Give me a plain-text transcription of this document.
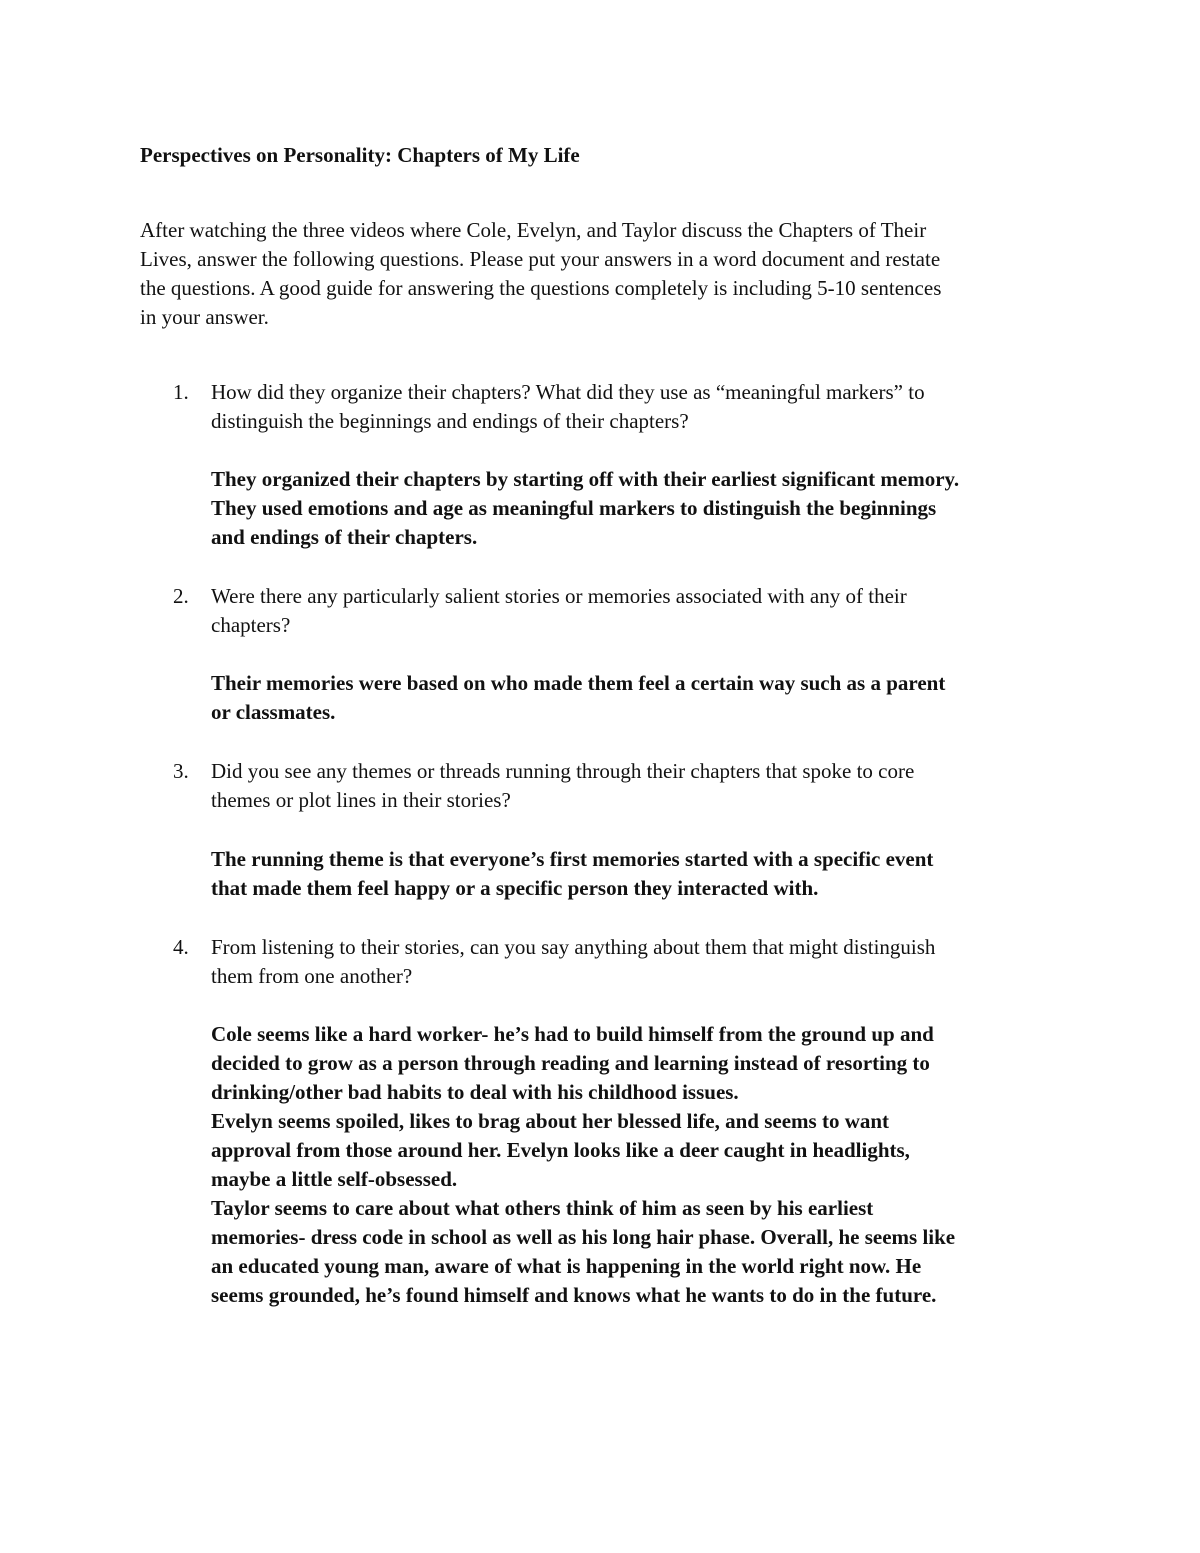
Perspectives on Personality: Chapters of My Life
After watching the three videos where Cole, Evelyn, and Taylor discuss the Chapters of Their
Lives, answer the following questions. Please put your answers in a word document and restate
the questions. A good guide for answering the questions completely is including 5-10 sentences
in your answer.
1. How did they organize their chapters? What did they use as “meaningful markers” to
distinguish the beginnings and endings of their chapters?
They organized their chapters by starting off with their earliest significant memory.
They used emotions and age as meaningful markers to distinguish the beginnings
and endings of their chapters.
2. Were there any particularly salient stories or memories associated with any of their
chapters?
Their memories were based on who made them feel a certain way such as a parent
or classmates.
3. Did you see any themes or threads running through their chapters that spoke to core
themes or plot lines in their stories?
The running theme is that everyone’s first memories started with a specific event
that made them feel happy or a specific person they interacted with.
4. From listening to their stories, can you say anything about them that might distinguish
them from one another?
Cole seems like a hard worker- he’s had to build himself from the ground up and
decided to grow as a person through reading and learning instead of resorting to
drinking/other bad habits to deal with his childhood issues.
Evelyn seems spoiled, likes to brag about her blessed life, and seems to want
approval from those around her. Evelyn looks like a deer caught in headlights,
maybe a little self-obsessed.
Taylor seems to care about what others think of him as seen by his earliest
memories- dress code in school as well as his long hair phase. Overall, he seems like
an educated young man, aware of what is happening in the world right now. He
seems grounded, he’s found himself and knows what he wants to do in the future.
